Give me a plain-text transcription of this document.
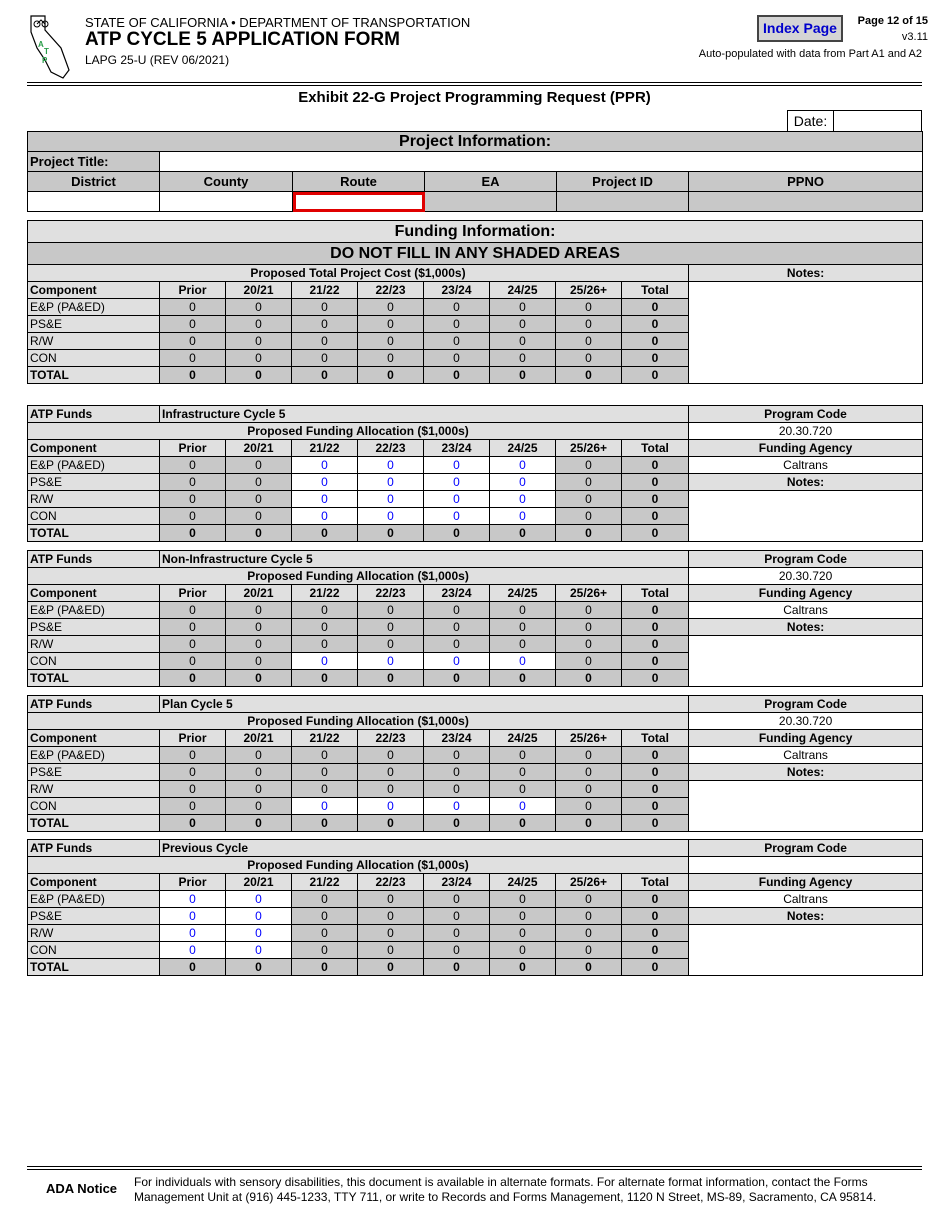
A
T
P
STATE OF CALIFORNIA • DEPARTMENT OF TRANSPORTATION
ATP CYCLE 5 APPLICATION FORM
LAPG 25-U (REV 06/2021)
Index Page	Page 12 of 15
v3.11
Auto-populated with data from Part A1 and A2
Exhibit 22-G Project Programming Request (PPR)
Date:
Project Information:					
Project Title:					
District	County	Route	EA	Project ID	PPNO

Funding Information:									
DO NOT FILL IN ANY SHADED AREAS									
Proposed Total Project Cost ($1,000s)									Notes:
Component	Prior	20/21	21/22	22/23	23/24	24/25	25/26+	Total	
E&P (PA&ED)	0	0	0	0	0	0	0	0	
PS&E	0	0	0	0	0	0	0	0	
R/W	0	0	0	0	0	0	0	0	
CON	0	0	0	0	0	0	0	0	
TOTAL	0	0	0	0	0	0	0	0	
ATP Funds	Infrastructure Cycle 5								Program Code
Proposed Funding Allocation ($1,000s)									20.30.720
Component	Prior	20/21	21/22	22/23	23/24	24/25	25/26+	Total	Funding Agency
E&P (PA&ED)	0	0	0	0	0	0	0	0	Caltrans
PS&E	0	0	0	0	0	0	0	0	Notes:
R/W	0	0	0	0	0	0	0	0	
CON	0	0	0	0	0	0	0	0	
TOTAL	0	0	0	0	0	0	0	0	
ATP Funds	Non-Infrastructure Cycle 5								Program Code
Proposed Funding Allocation ($1,000s)									20.30.720
Component	Prior	20/21	21/22	22/23	23/24	24/25	25/26+	Total	Funding Agency
E&P (PA&ED)	0	0	0	0	0	0	0	0	Caltrans
PS&E	0	0	0	0	0	0	0	0	Notes:
R/W	0	0	0	0	0	0	0	0	
CON	0	0	0	0	0	0	0	0	
TOTAL	0	0	0	0	0	0	0	0	
ATP Funds	Plan Cycle 5								Program Code
Proposed Funding Allocation ($1,000s)									20.30.720
Component	Prior	20/21	21/22	22/23	23/24	24/25	25/26+	Total	Funding Agency
E&P (PA&ED)	0	0	0	0	0	0	0	0	Caltrans
PS&E	0	0	0	0	0	0	0	0	Notes:
R/W	0	0	0	0	0	0	0	0	
CON	0	0	0	0	0	0	0	0	
TOTAL	0	0	0	0	0	0	0	0	
ATP Funds	Previous Cycle								Program Code
Proposed Funding Allocation ($1,000s)									
Component	Prior	20/21	21/22	22/23	23/24	24/25	25/26+	Total	Funding Agency
E&P (PA&ED)	0	0	0	0	0	0	0	0	Caltrans
PS&E	0	0	0	0	0	0	0	0	Notes:
R/W	0	0	0	0	0	0	0	0	
CON	0	0	0	0	0	0	0	0	
TOTAL	0	0	0	0	0	0	0	0	
ADA Notice For individuals with sensory disabilities, this document is available in alternate formats. For alternate format information, contact the Forms Management Unit at (916) 445-1233, TTY 711, or write to Records and Forms Management, 1120 N Street, MS-89, Sacramento, CA 95814.
